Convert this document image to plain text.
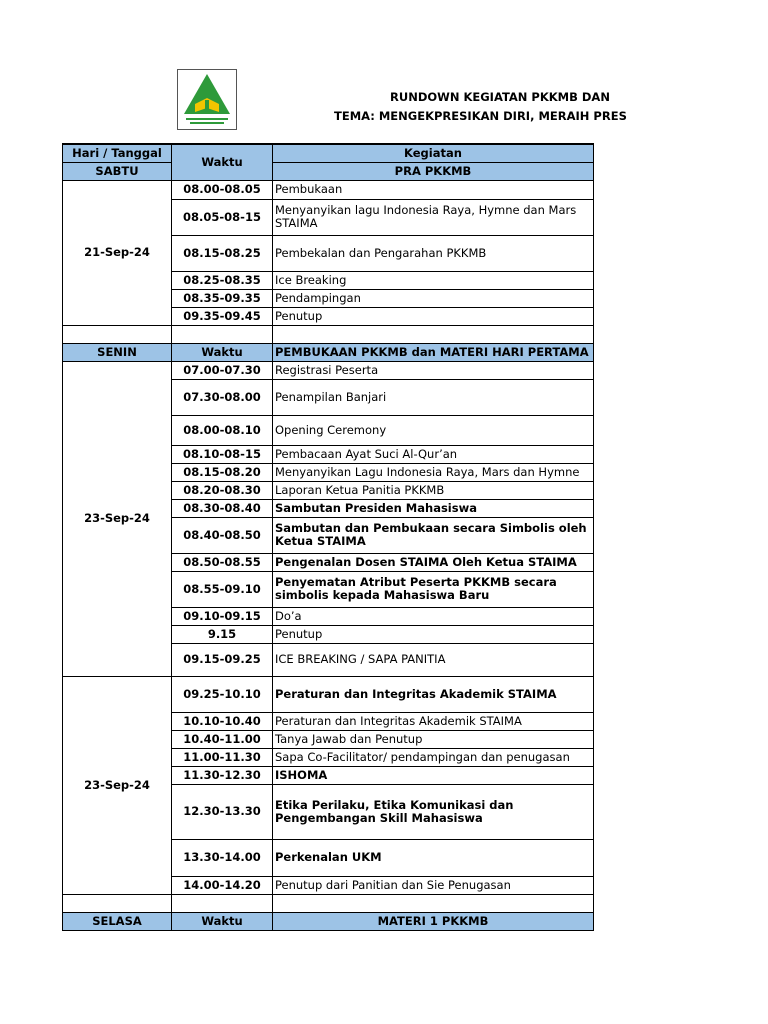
RUNDOWN KEGIATAN PKKMB DAN
TEMA: MENGEKPRESIKAN DIRI, MERAIH PRES
Hari / Tanggal	Waktu	Kegiatan
SABTU		PRA PKKMB
21-Sep-24	08.00-08.05	Pembukaan
	08.05-08-15	Menyanyikan lagu Indonesia Raya, Hymne dan Mars STAIMA
	08.15-08.25	Pembekalan dan Pengarahan PKKMB
	08.25-08.35	Ice Breaking
	08.35-09.35	Pendampingan
	09.35-09.45	Penutup

SENIN	Waktu	PEMBUKAAN PKKMB dan MATERI HARI PERTAMA
23-Sep-24	07.00-07.30	Registrasi Peserta
	07.30-08.00	Penampilan Banjari
	08.00-08.10	Opening Ceremony
	08.10-08-15	Pembacaan Ayat Suci Al-Qur’an
	08.15-08.20	Menyanyikan Lagu Indonesia Raya, Mars dan Hymne
	08.20-08.30	Laporan Ketua Panitia PKKMB
	08.30-08.40	Sambutan Presiden Mahasiswa
	08.40-08.50	Sambutan dan Pembukaan secara Simbolis oleh Ketua STAIMA
	08.50-08.55	Pengenalan Dosen STAIMA Oleh Ketua STAIMA
	08.55-09.10	Penyematan Atribut Peserta PKKMB secara simbolis kepada Mahasiswa Baru
	09.10-09.15	Do’a
	9.15	Penutup
	09.15-09.25	ICE BREAKING / SAPA PANITIA
23-Sep-24	09.25-10.10	Peraturan dan Integritas Akademik STAIMA
	10.10-10.40	Peraturan dan Integritas Akademik STAIMA
	10.40-11.00	Tanya Jawab dan Penutup
	11.00-11.30	Sapa Co-Facilitator/ pendampingan dan penugasan
	11.30-12.30	ISHOMA
	12.30-13.30	Etika Perilaku, Etika Komunikasi dan Pengembangan Skill Mahasiswa
	13.30-14.00	Perkenalan UKM
	14.00-14.20	Penutup dari Panitian dan Sie Penugasan

SELASA	Waktu	MATERI 1 PKKMB
